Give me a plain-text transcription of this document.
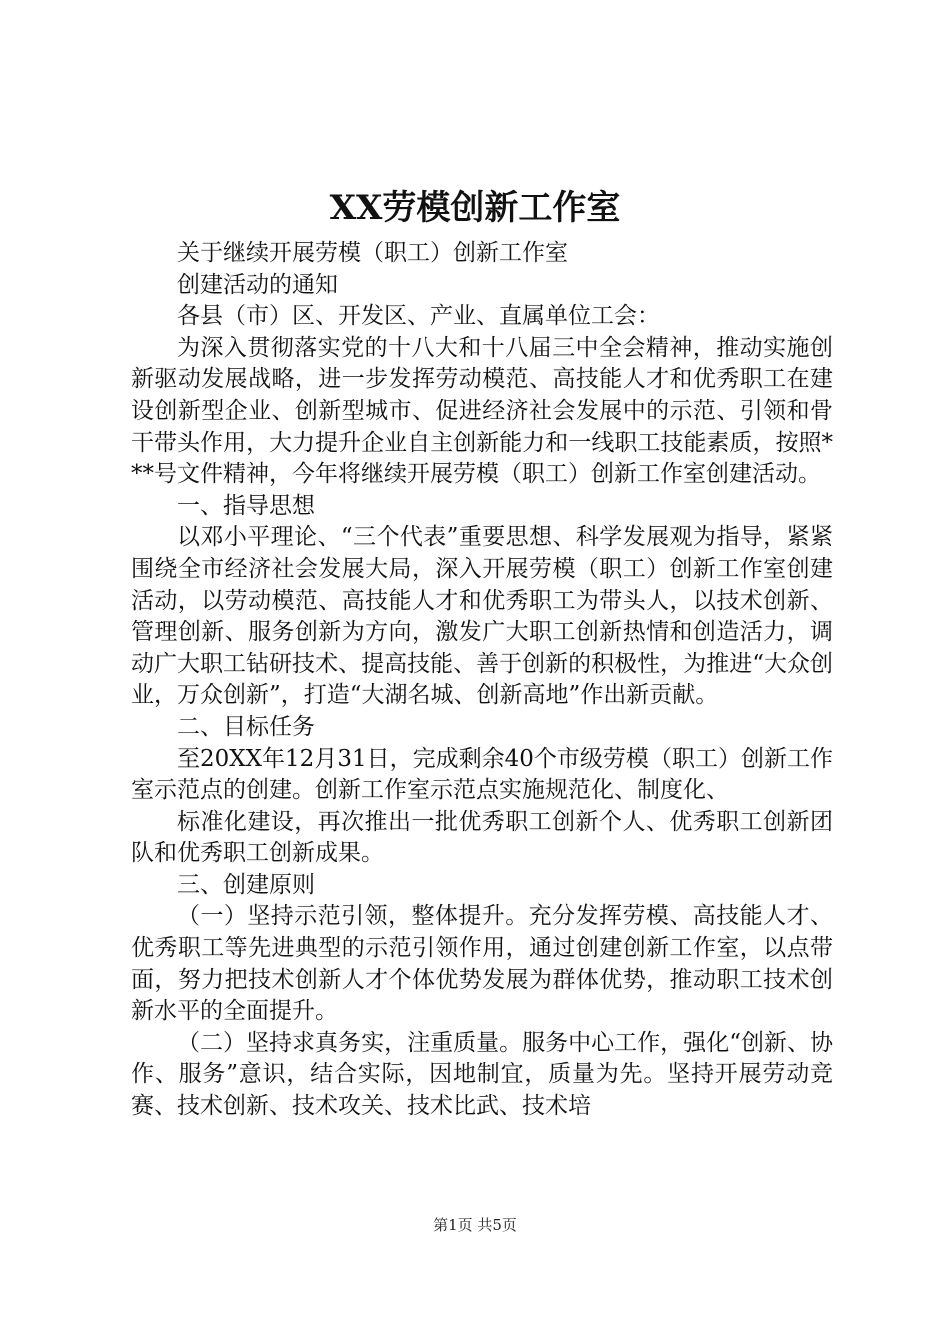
XX劳模创新工作室

关于继续开展劳模（职工）创新工作室

创建活动的通知

各县（市）区、开发区、产业、直属单位工会：

为深入贯彻落实党的十八大和十八届三中全会精神，推动实施创新驱动发展战略，进一步发挥劳动模范、高技能人才和优秀职工在建设创新型企业、创新型城市、促进经济社会发展中的示范、引领和骨干带头作用，大力提升企业自主创新能力和一线职工技能素质，按照***号文件精神，今年将继续开展劳模（职工）创新工作室创建活动。

一、指导思想

以邓小平理论、“三个代表”重要思想、科学发展观为指导，紧紧围绕全市经济社会发展大局，深入开展劳模（职工）创新工作室创建活动，以劳动模范、高技能人才和优秀职工为带头人，以技术创新、管理创新、服务创新为方向，激发广大职工创新热情和创造活力，调动广大职工钻研技术、提高技能、善于创新的积极性，为推进“大众创业，万众创新”，打造“大湖名城、创新高地”作出新贡献。

二、目标任务

至20XX年12月31日，完成剩余40个市级劳模（职工）创新工作室示范点的创建。创新工作室示范点实施规范化、制度化、

标准化建设，再次推出一批优秀职工创新个人、优秀职工创新团队和优秀职工创新成果。

三、创建原则

（一）坚持示范引领，整体提升。充分发挥劳模、高技能人才、优秀职工等先进典型的示范引领作用，通过创建创新工作室，以点带面，努力把技术创新人才个体优势发展为群体优势，推动职工技术创新水平的全面提升。

（二）坚持求真务实，注重质量。服务中心工作，强化“创新、协作、服务”意识，结合实际，因地制宜，质量为先。坚持开展劳动竞赛、技术创新、技术攻关、技术比武、技术培

第1页 共5页
